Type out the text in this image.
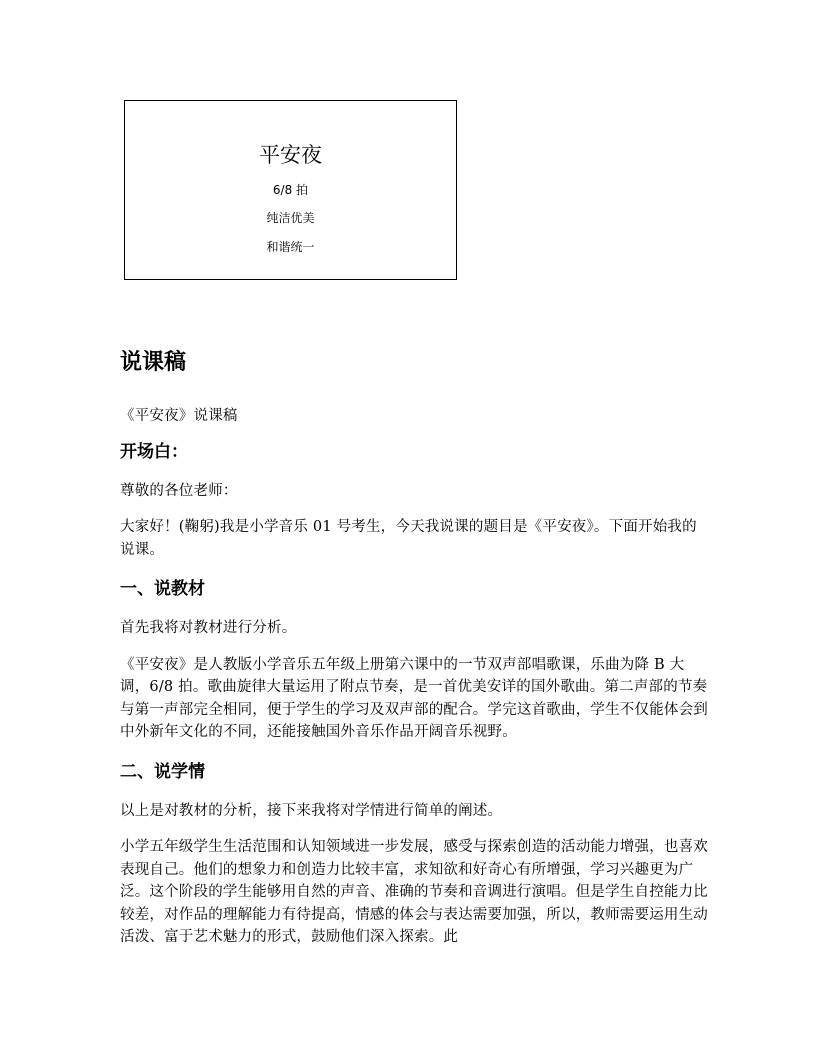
平安夜
6/8 拍
纯洁优美
和谐统一
说课稿

《平安夜》说课稿

开场白：

尊敬的各位老师：

大家好！(鞠躬)我是小学音乐 01 号考生，今天我说课的题目是《平安夜》。下面开始我的说课。

一、说教材

首先我将对教材进行分析。

《平安夜》是人教版小学音乐五年级上册第六课中的一节双声部唱歌课，乐曲为降 B 大调，6/8 拍。歌曲旋律大量运用了附点节奏，是一首优美安详的国外歌曲。第二声部的节奏与第一声部完全相同，便于学生的学习及双声部的配合。学完这首歌曲，学生不仅能体会到中外新年文化的不同，还能接触国外音乐作品开阔音乐视野。

二、说学情

以上是对教材的分析，接下来我将对学情进行简单的阐述。

小学五年级学生生活范围和认知领域进一步发展，感受与探索创造的活动能力增强，也喜欢表现自己。他们的想象力和创造力比较丰富，求知欲和好奇心有所增强，学习兴趣更为广泛。这个阶段的学生能够用自然的声音、准确的节奏和音调进行演唱。但是学生自控能力比较差，对作品的理解能力有待提高，情感的体会与表达需要加强，所以，教师需要运用生动活泼、富于艺术魅力的形式，鼓励他们深入探索。此
